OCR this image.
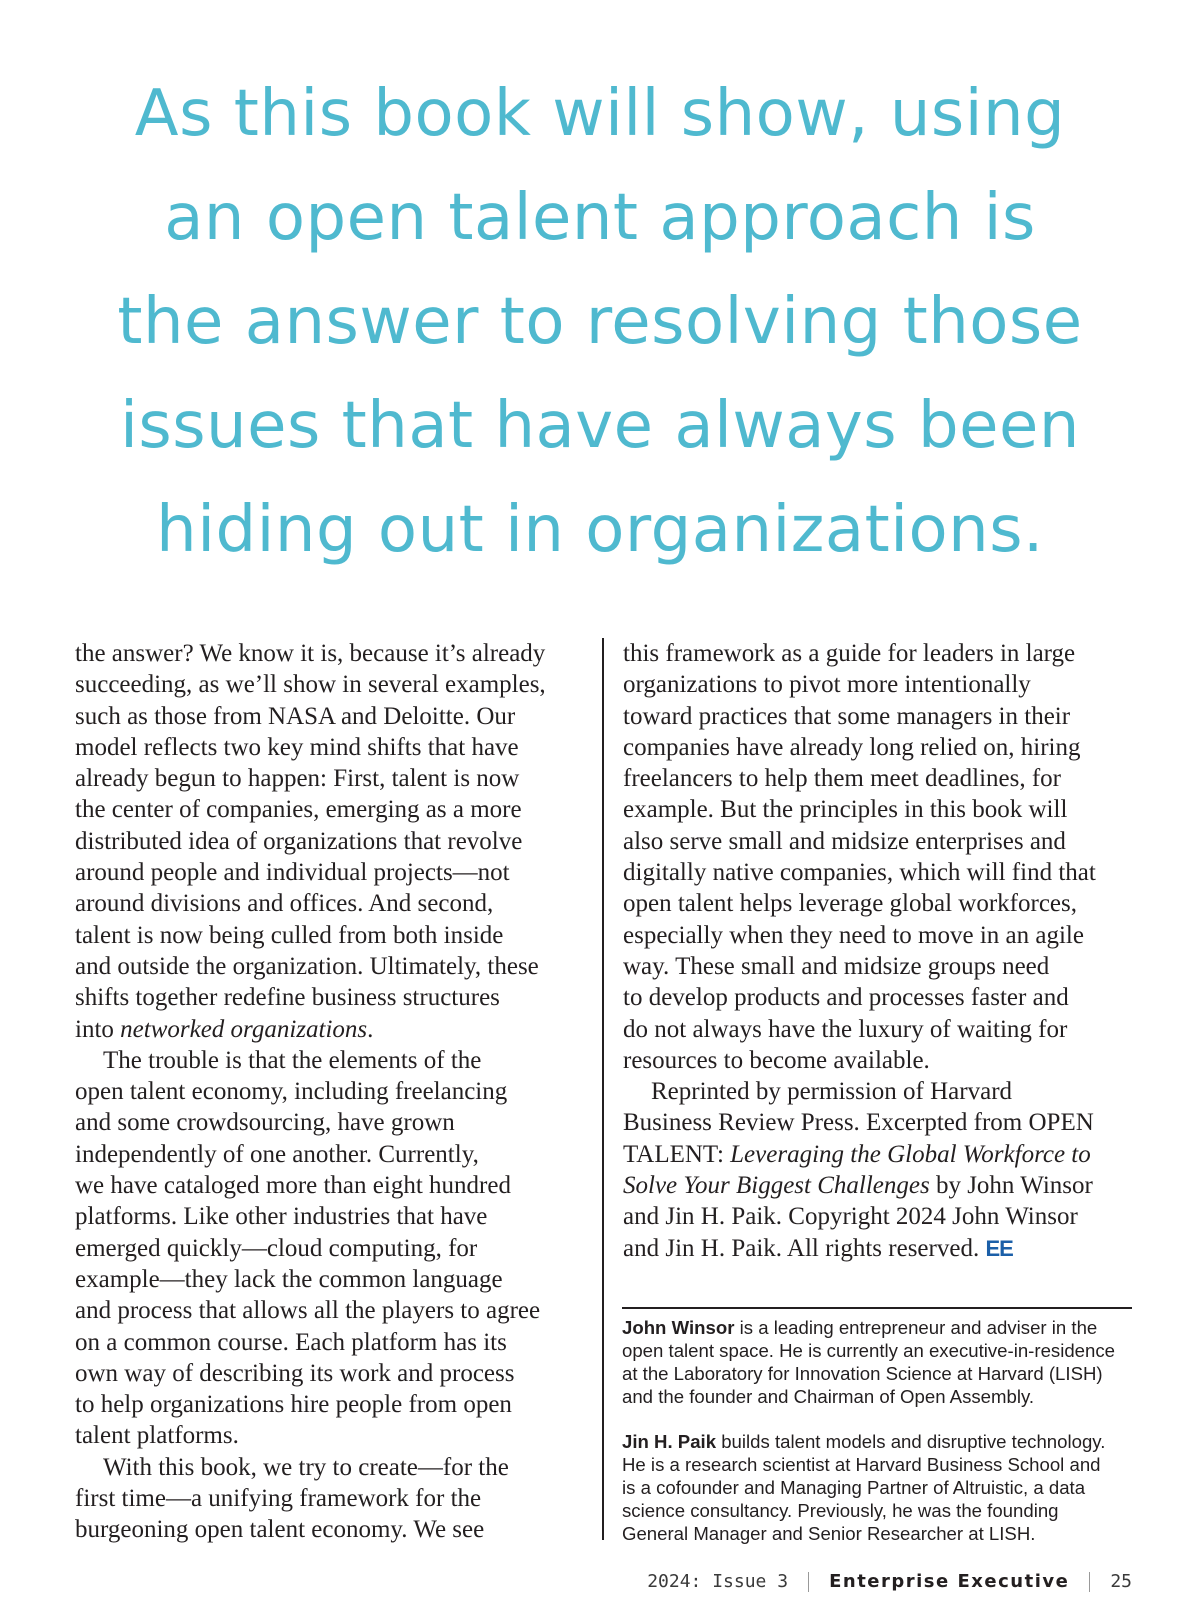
As this book will show, using
an open talent approach is
the answer to resolving those
issues that have always been
hiding out in organizations.
the answer? We know it is, because it’s already
succeeding, as we’ll show in several examples,
such as those from NASA and Deloitte. Our
model reflects two key mind shifts that have
already begun to happen: First, talent is now
the center of companies, emerging as a more
distributed idea of organizations that revolve
around people and individual projects—not
around divisions and offices. And second,
talent is now being culled from both inside
and outside the organization. Ultimately, these
shifts together redefine business structures
into networked organizations.
The trouble is that the elements of the
open talent economy, including freelancing
and some crowdsourcing, have grown
independently of one another. Currently,
we have cataloged more than eight hundred
platforms. Like other industries that have
emerged quickly—cloud computing, for
example—they lack the common language
and process that allows all the players to agree
on a common course. Each platform has its
own way of describing its work and process
to help organizations hire people from open
talent platforms.
With this book, we try to create—for the
first time—a unifying framework for the
burgeoning open talent economy. We see
this framework as a guide for leaders in large
organizations to pivot more intentionally
toward practices that some managers in their
companies have already long relied on, hiring
freelancers to help them meet deadlines, for
example. But the principles in this book will
also serve small and midsize enterprises and
digitally native companies, which will find that
open talent helps leverage global workforces,
especially when they need to move in an agile
way. These small and midsize groups need
to develop products and processes faster and
do not always have the luxury of waiting for
resources to become available.
Reprinted by permission of Harvard
Business Review Press. Excerpted from OPEN
TALENT: Leveraging the Global Workforce to
Solve Your Biggest Challenges by John Winsor
and Jin H. Paik. Copyright 2024 John Winsor
and Jin H. Paik. All rights reserved. EE
John Winsor is a leading entrepreneur and adviser in the
open talent space. He is currently an executive-in-residence
at the Laboratory for Innovation Science at Harvard (LISH)
and the founder and Chairman of Open Assembly.
Jin H. Paik builds talent models and disruptive technology.
He is a research scientist at Harvard Business School and
is a cofounder and Managing Partner of Altruistic, a data
science consultancy. Previously, he was the founding
General Manager and Senior Researcher at LISH.
2024: Issue 3 Enterprise Executive 25
